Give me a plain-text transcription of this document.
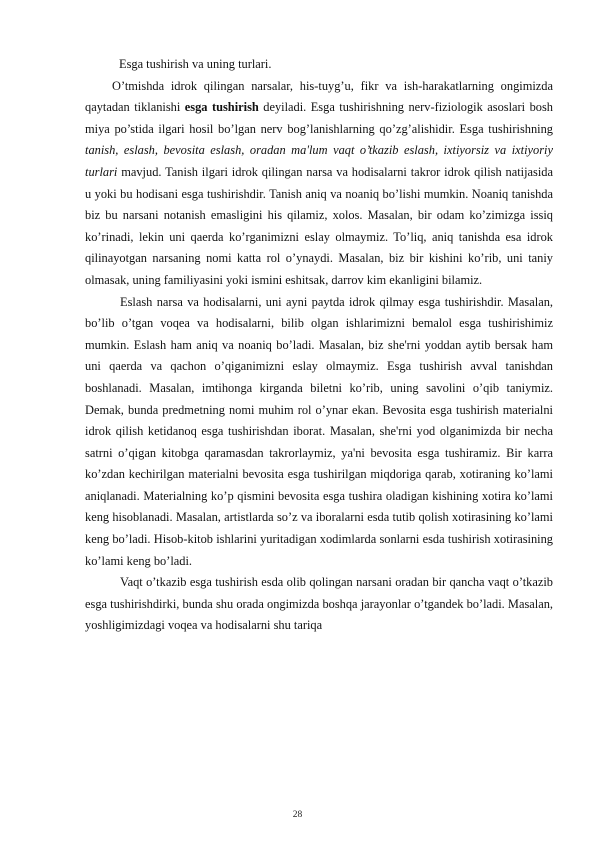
Esga tushirish va uning turlari.

O’tmishda idrok qilingan narsalar, his-tuyg’u, fikr va ish-harakatlarning ongimizda qaytadan tiklanishi esga tushirish deyiladi. Esga tushirishning nerv-fiziologik asoslari bosh miya po’stida ilgari hosil bo’lgan nerv bog’lanishlarning qo’zg’alishidir. Esga tushirishning tanish, eslash, bevosita eslash, oradan ma'lum vaqt o’tkazib eslash, ixtiyorsiz va ixtiyoriy turlari mavjud. Tanish ilgari idrok qilingan narsa va hodisalarni takror idrok qilish natijasida u yoki bu hodisani esga tushirishdir. Tanish aniq va noaniq bo’lishi mumkin. Noaniq tanishda biz bu narsani notanish emasligini his qilamiz, xolos. Masalan, bir odam ko’zimizga issiq ko’rinadi, lekin uni qaerda ko’rganimizni eslay olmaymiz. To’liq, aniq tanishda esa idrok qilinayotgan narsaning nomi katta rol o’ynaydi. Masalan, biz bir kishini ko’rib, uni taniy olmasak, uning familiyasini yoki ismini eshitsak, darrov kim ekanligini bilamiz.

Eslash narsa va hodisalarni, uni ayni paytda idrok qilmay esga tushirishdir. Masalan, bo’lib o’tgan voqea va hodisalarni, bilib olgan ishlarimizni bemalol esga tushirishimiz mumkin. Eslash ham aniq va noaniq bo’ladi. Masalan, biz she'rni yoddan aytib bersak ham uni qaerda va qachon o’qiganimizni eslay olmaymiz. Esga tushirish avval tanishdan boshlanadi. Masalan, imtihonga kirganda biletni ko’rib, uning savolini o’qib taniymiz. Demak, bunda predmetning nomi muhim rol o’ynar ekan. Bevosita esga tushirish materialni idrok qilish ketidanoq esga tushirishdan iborat. Masalan, she'rni yod olganimizda bir necha satrni o’qigan kitobga qaramasdan takrorlaymiz, ya'ni bevosita esga tushiramiz. Bir karra ko’zdan kechirilgan materialni bevosita esga tushirilgan miqdoriga qarab, xotiraning ko’lami aniqlanadi. Materialning ko’p qismini bevosita esga tushira oladigan kishining xotira ko’lami keng hisoblanadi. Masalan, artistlarda so’z va iboralarni esda tutib qolish xotirasining ko’lami keng bo’ladi. Hisob-kitob ishlarini yuritadigan xodimlarda sonlarni esda tushirish xotirasining ko’lami keng bo’ladi.

Vaqt o’tkazib esga tushirish esda olib qolingan narsani oradan bir qancha vaqt o’tkazib esga tushirishdirki, bunda shu orada ongimizda boshqa jarayonlar o’tgandek bo’ladi. Masalan, yoshligimizdagi voqea va hodisalarni shu tariqa

28
